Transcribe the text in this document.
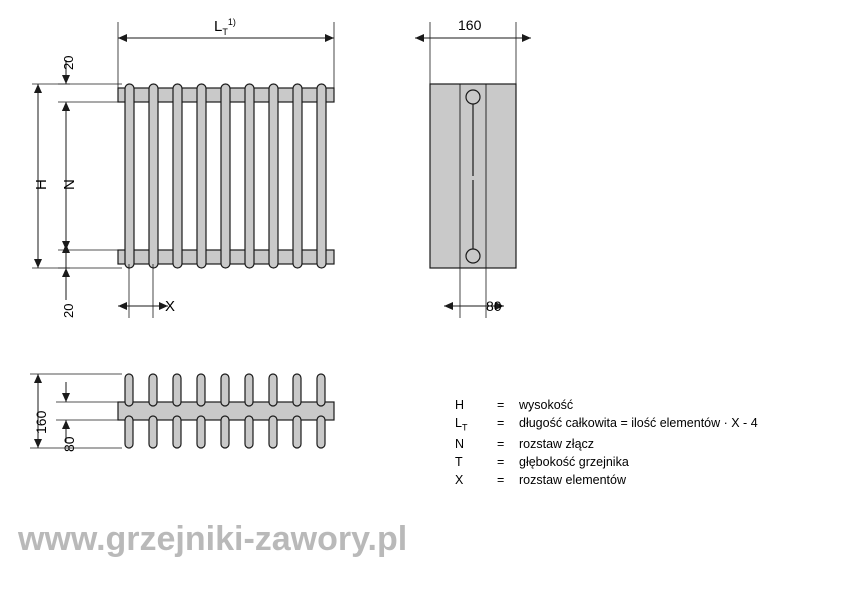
$L_T^{1)}$
20
H N
20	X
160
80
160
80
H	=	wysokość
$L_T$	=	długość całkowita = ilość elementów · X - 4
N	=	rozstaw złącz
T	=	głębokość grzejnika
X	=	rozstaw elementów
www.grzejniki-zawory.pl
